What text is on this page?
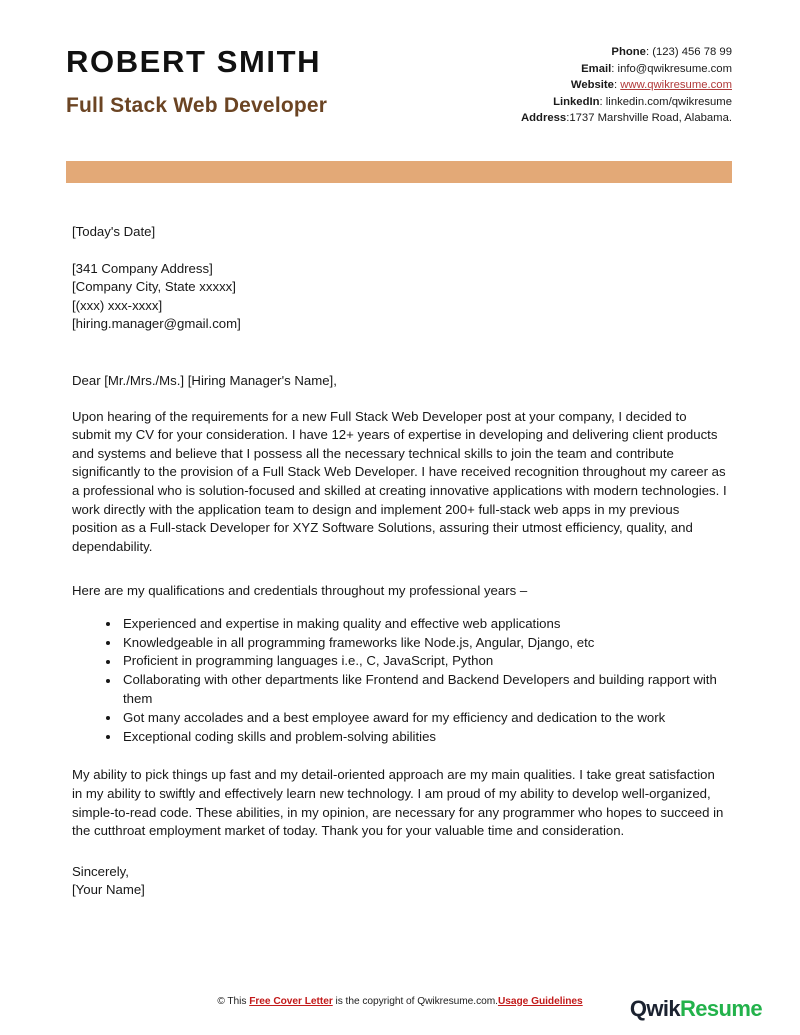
ROBERT SMITH
Full Stack Web Developer
Phone: (123) 456 78 99
Email: info@qwikresume.com
Website: www.qwikresume.com
LinkedIn: linkedin.com/qwikresume
Address:1737 Marshville Road, Alabama.
[Today's Date]
[341 Company Address]
[Company City, State xxxxx]
[(xxx) xxx-xxxx]
[hiring.manager@gmail.com]
Dear [Mr./Mrs./Ms.] [Hiring Manager's Name],
Upon hearing of the requirements for a new Full Stack Web Developer post at your company, I decided to submit my CV for your consideration. I have 12+ years of expertise in developing and delivering client products and systems and believe that I possess all the necessary technical skills to join the team and contribute significantly to the provision of a Full Stack Web Developer. I have received recognition throughout my career as a professional who is solution-focused and skilled at creating innovative applications with modern technologies. I work directly with the application team to design and implement 200+ full-stack web apps in my previous position as a Full-stack Developer for XYZ Software Solutions, assuring their utmost efficiency, quality, and dependability.
Here are my qualifications and credentials throughout my professional years –
Experienced and expertise in making quality and effective web applications
Knowledgeable in all programming frameworks like Node.js, Angular, Django, etc
Proficient in programming languages i.e., C, JavaScript, Python
Collaborating with other departments like Frontend and Backend Developers and building rapport with them
Got many accolades and a best employee award for my efficiency and dedication to the work
Exceptional coding skills and problem-solving abilities
My ability to pick things up fast and my detail-oriented approach are my main qualities. I take great satisfaction in my ability to swiftly and effectively learn new technology. I am proud of my ability to develop well-organized, simple-to-read code. These abilities, in my opinion, are necessary for any programmer who hopes to succeed in the cutthroat employment market of today. Thank you for your valuable time and consideration.
Sincerely,
[Your Name]
© This Free Cover Letter is the copyright of Qwikresume.com.Usage Guidelines QwikResume
